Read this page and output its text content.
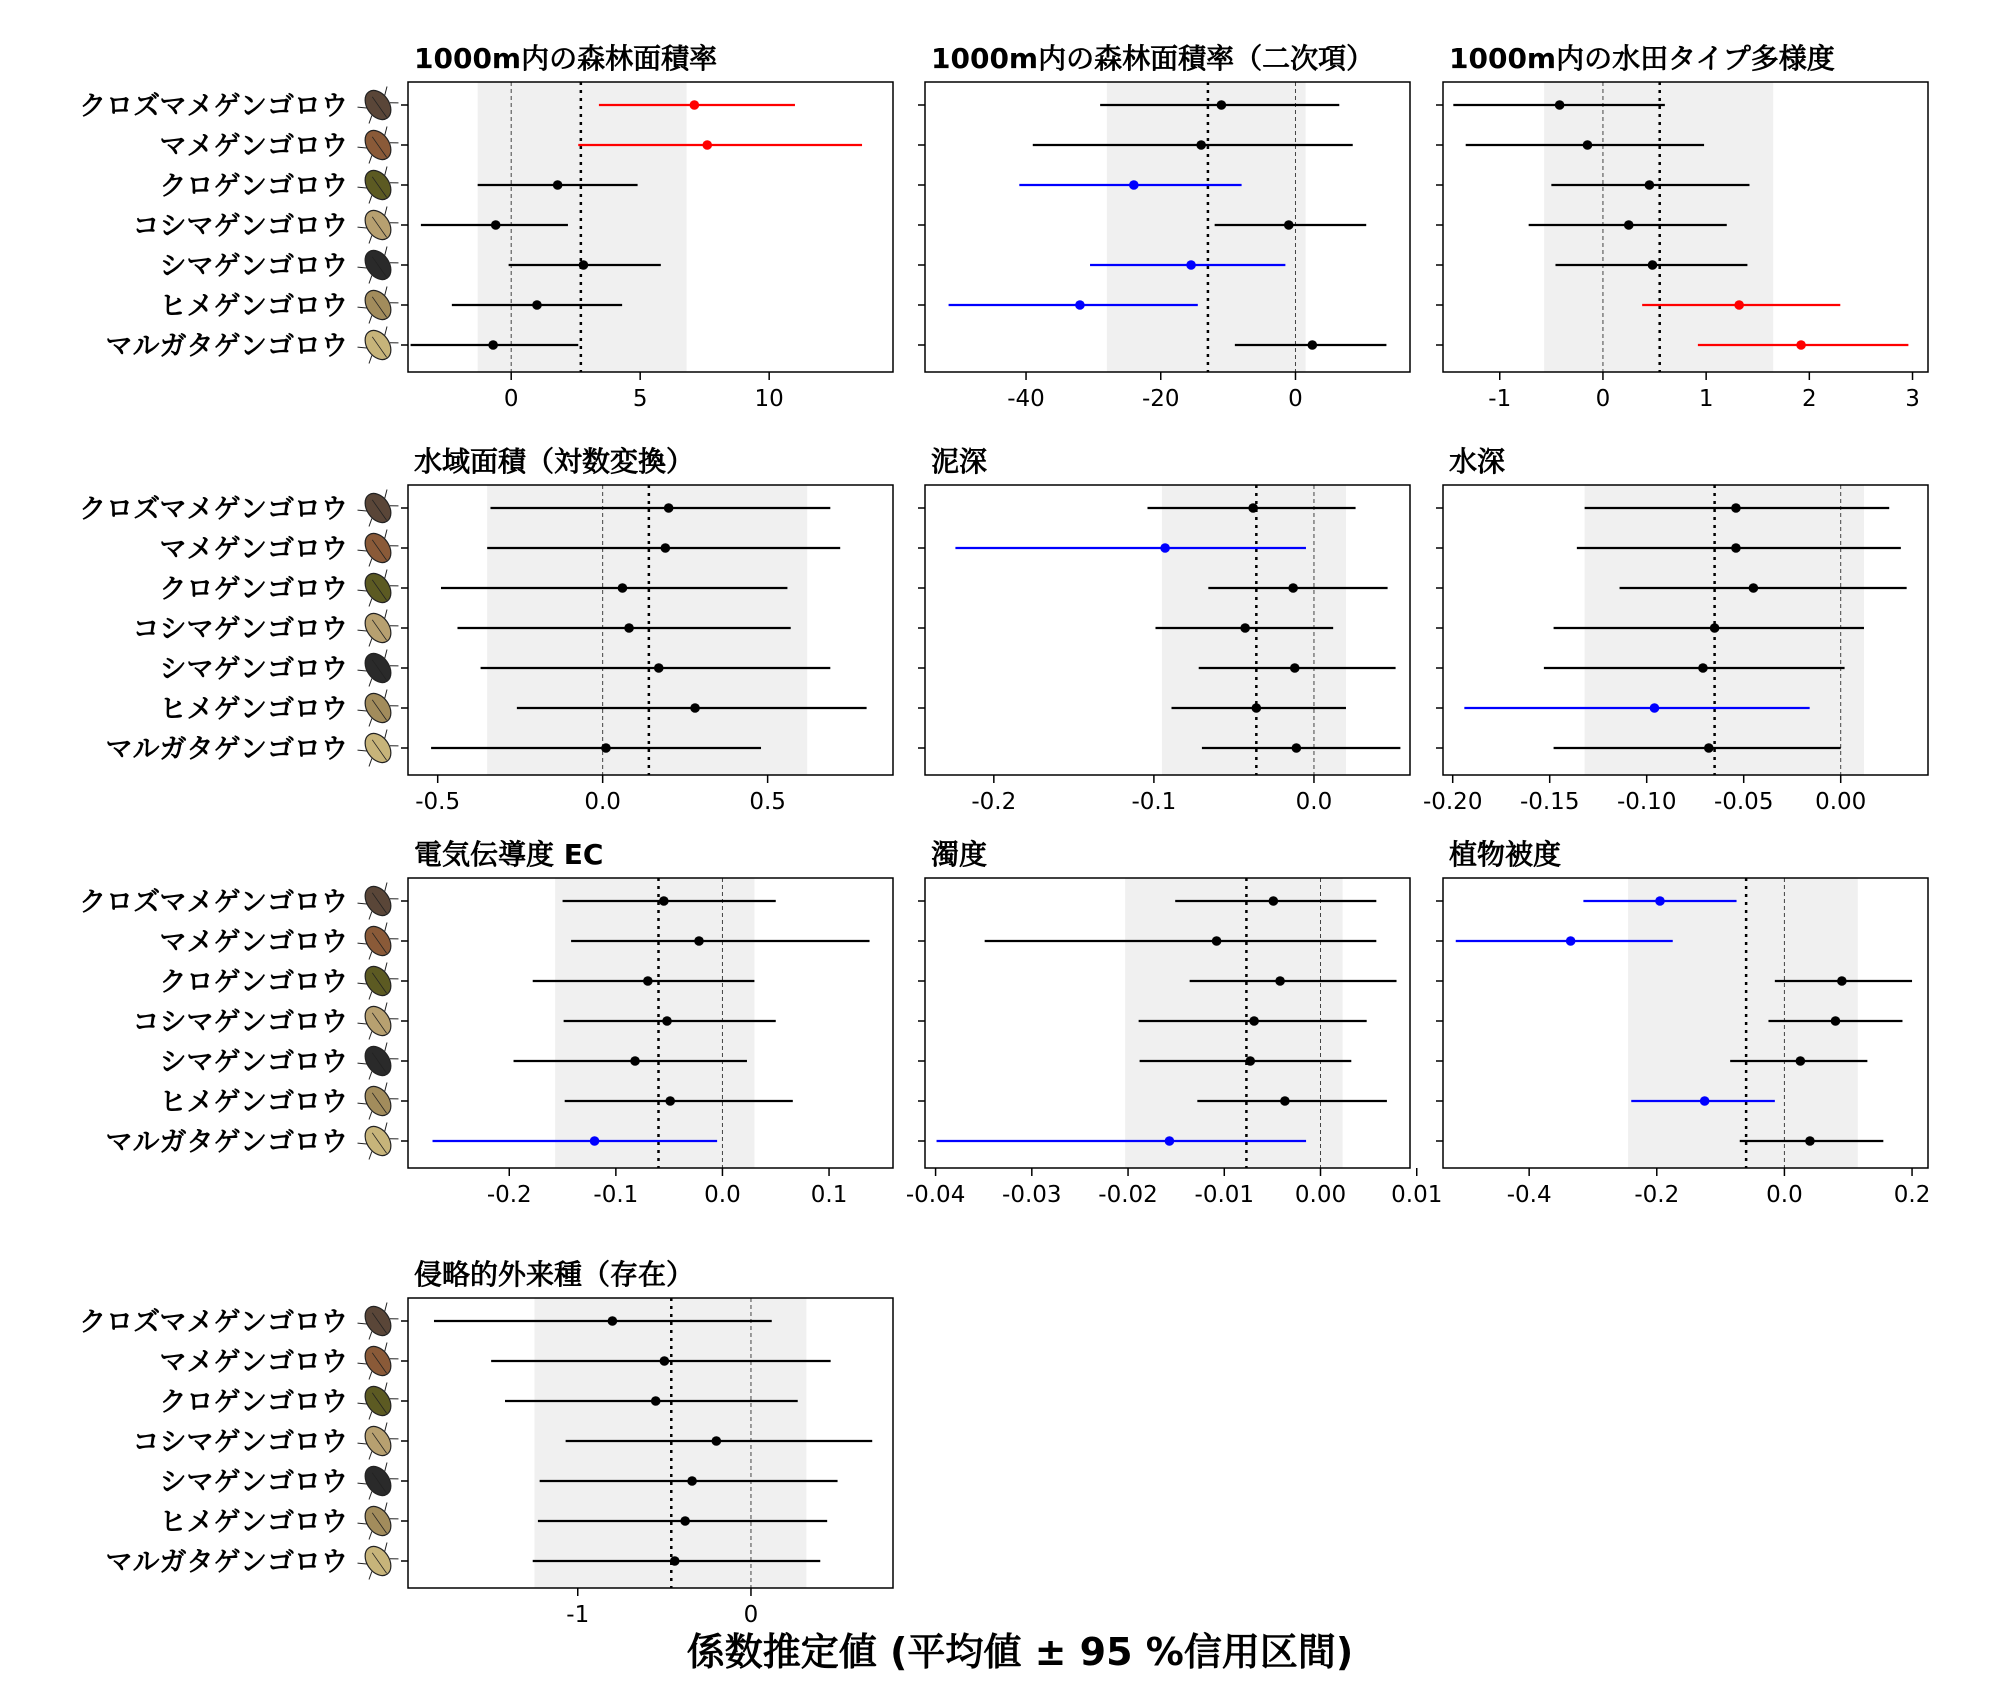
1000m内の森林面積率
0	5	10
クロズマメゲンゴロウ
マメゲンゴロウ
クロゲンゴロウ
コシマゲンゴロウ
シマゲンゴロウ
ヒメゲンゴロウ
マルガタゲンゴロウ
1000m内の森林面積率（二次項）
-40	-20	0
1000m内の水田タイプ多様度
-1	0	1	2	3
水域面積（対数変換）
-0.5	0.0	0.5
クロズマメゲンゴロウ
マメゲンゴロウ
クロゲンゴロウ
コシマゲンゴロウ
シマゲンゴロウ
ヒメゲンゴロウ
マルガタゲンゴロウ
泥深
-0.2	-0.1	0.0
水深
-0.20 -0.15 -0.10 -0.05 0.00
電気伝導度 EC
-0.2	-0.1	0.0	0.1
クロズマメゲンゴロウ
マメゲンゴロウ
クロゲンゴロウ
コシマゲンゴロウ
シマゲンゴロウ
ヒメゲンゴロウ
マルガタゲンゴロウ
濁度
-0.04 -0.03 -0.02 -0.01 0.00 0.01
植物被度
-0.4	-0.2	0.0	0.2
侵略的外来種（存在）
-1	0
クロズマメゲンゴロウ
マメゲンゴロウ
クロゲンゴロウ
コシマゲンゴロウ
シマゲンゴロウ
ヒメゲンゴロウ
マルガタゲンゴロウ
係数推定値 (平均値 ± 95 %信用区間)
